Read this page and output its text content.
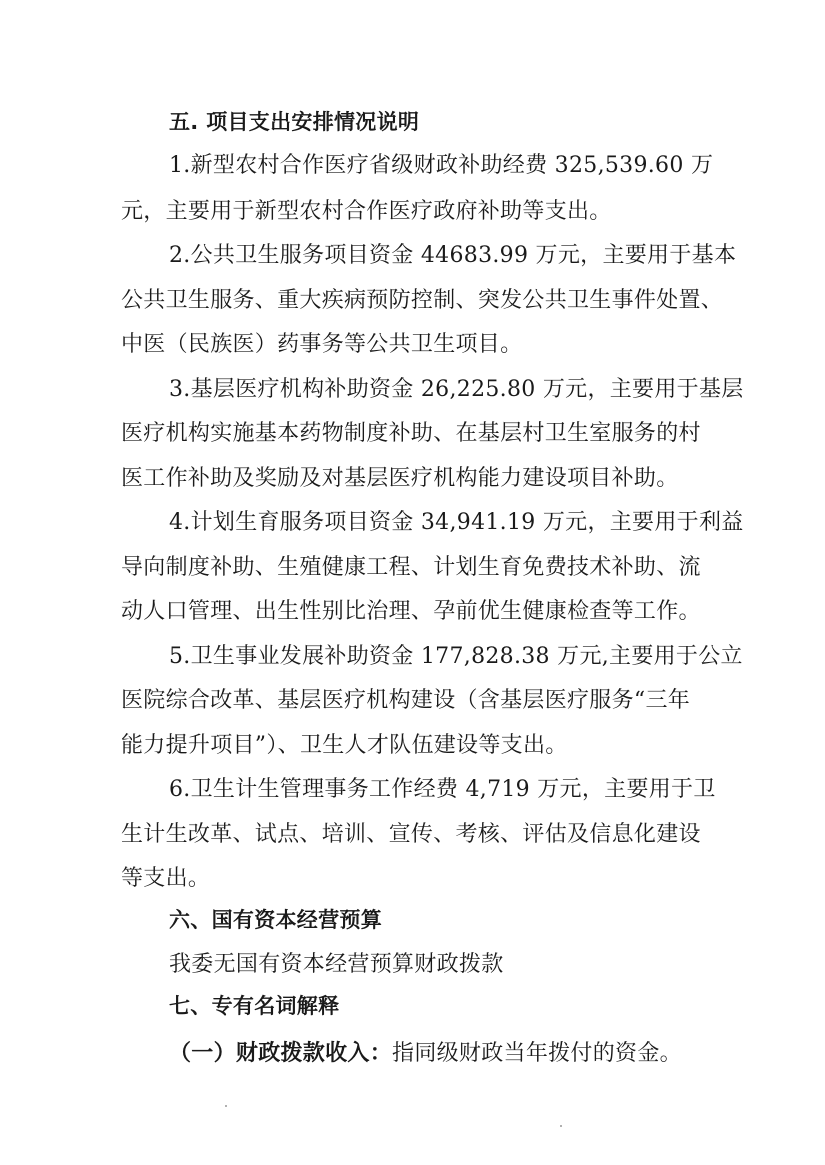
五. 项目支出安排情况说明
1.新型农村合作医疗省级财政补助经费 325,539.60 万
元，主要用于新型农村合作医疗政府补助等支出。
2.公共卫生服务项目资金 44683.99 万元，主要用于基本
公共卫生服务、重大疾病预防控制、突发公共卫生事件处置、
中医（民族医）药事务等公共卫生项目。
3.基层医疗机构补助资金 26,225.80 万元，主要用于基层
医疗机构实施基本药物制度补助、在基层村卫生室服务的村
医工作补助及奖励及对基层医疗机构能力建设项目补助。
4.计划生育服务项目资金 34,941.19 万元，主要用于利益
导向制度补助、生殖健康工程、计划生育免费技术补助、流
动人口管理、出生性别比治理、孕前优生健康检查等工作。
5.卫生事业发展补助资金 177,828.38 万元,主要用于公立
医院综合改革、基层医疗机构建设（含基层医疗服务“三年
能力提升项目”）、卫生人才队伍建设等支出。
6.卫生计生管理事务工作经费 4,719 万元，主要用于卫
生计生改革、试点、培训、宣传、考核、评估及信息化建设
等支出。
六、国有资本经营预算
我委无国有资本经营预算财政拨款
七、专有名词解释
（一）财政拨款收入：指同级财政当年拨付的资金。
